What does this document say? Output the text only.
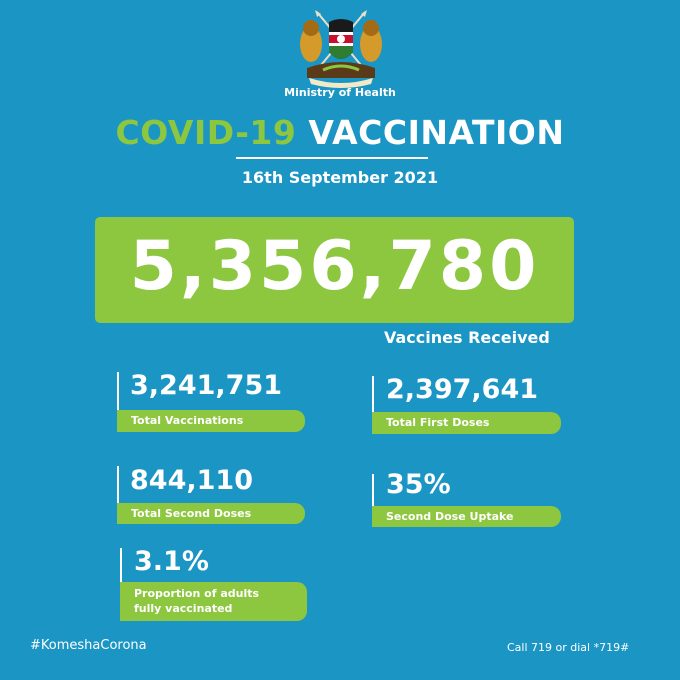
Ministry of Health
COVID-19 VACCINATION
16th September 2021
5,356,780
Vaccines Received
3,241,751
Total Vaccinations
2,397,641
Total First Doses
844,110
Total Second Doses
35%
Second Dose Uptake
3.1%
Proportion of adults
fully vaccinated
#KomeshaCorona	Call 719 or dial *719#
